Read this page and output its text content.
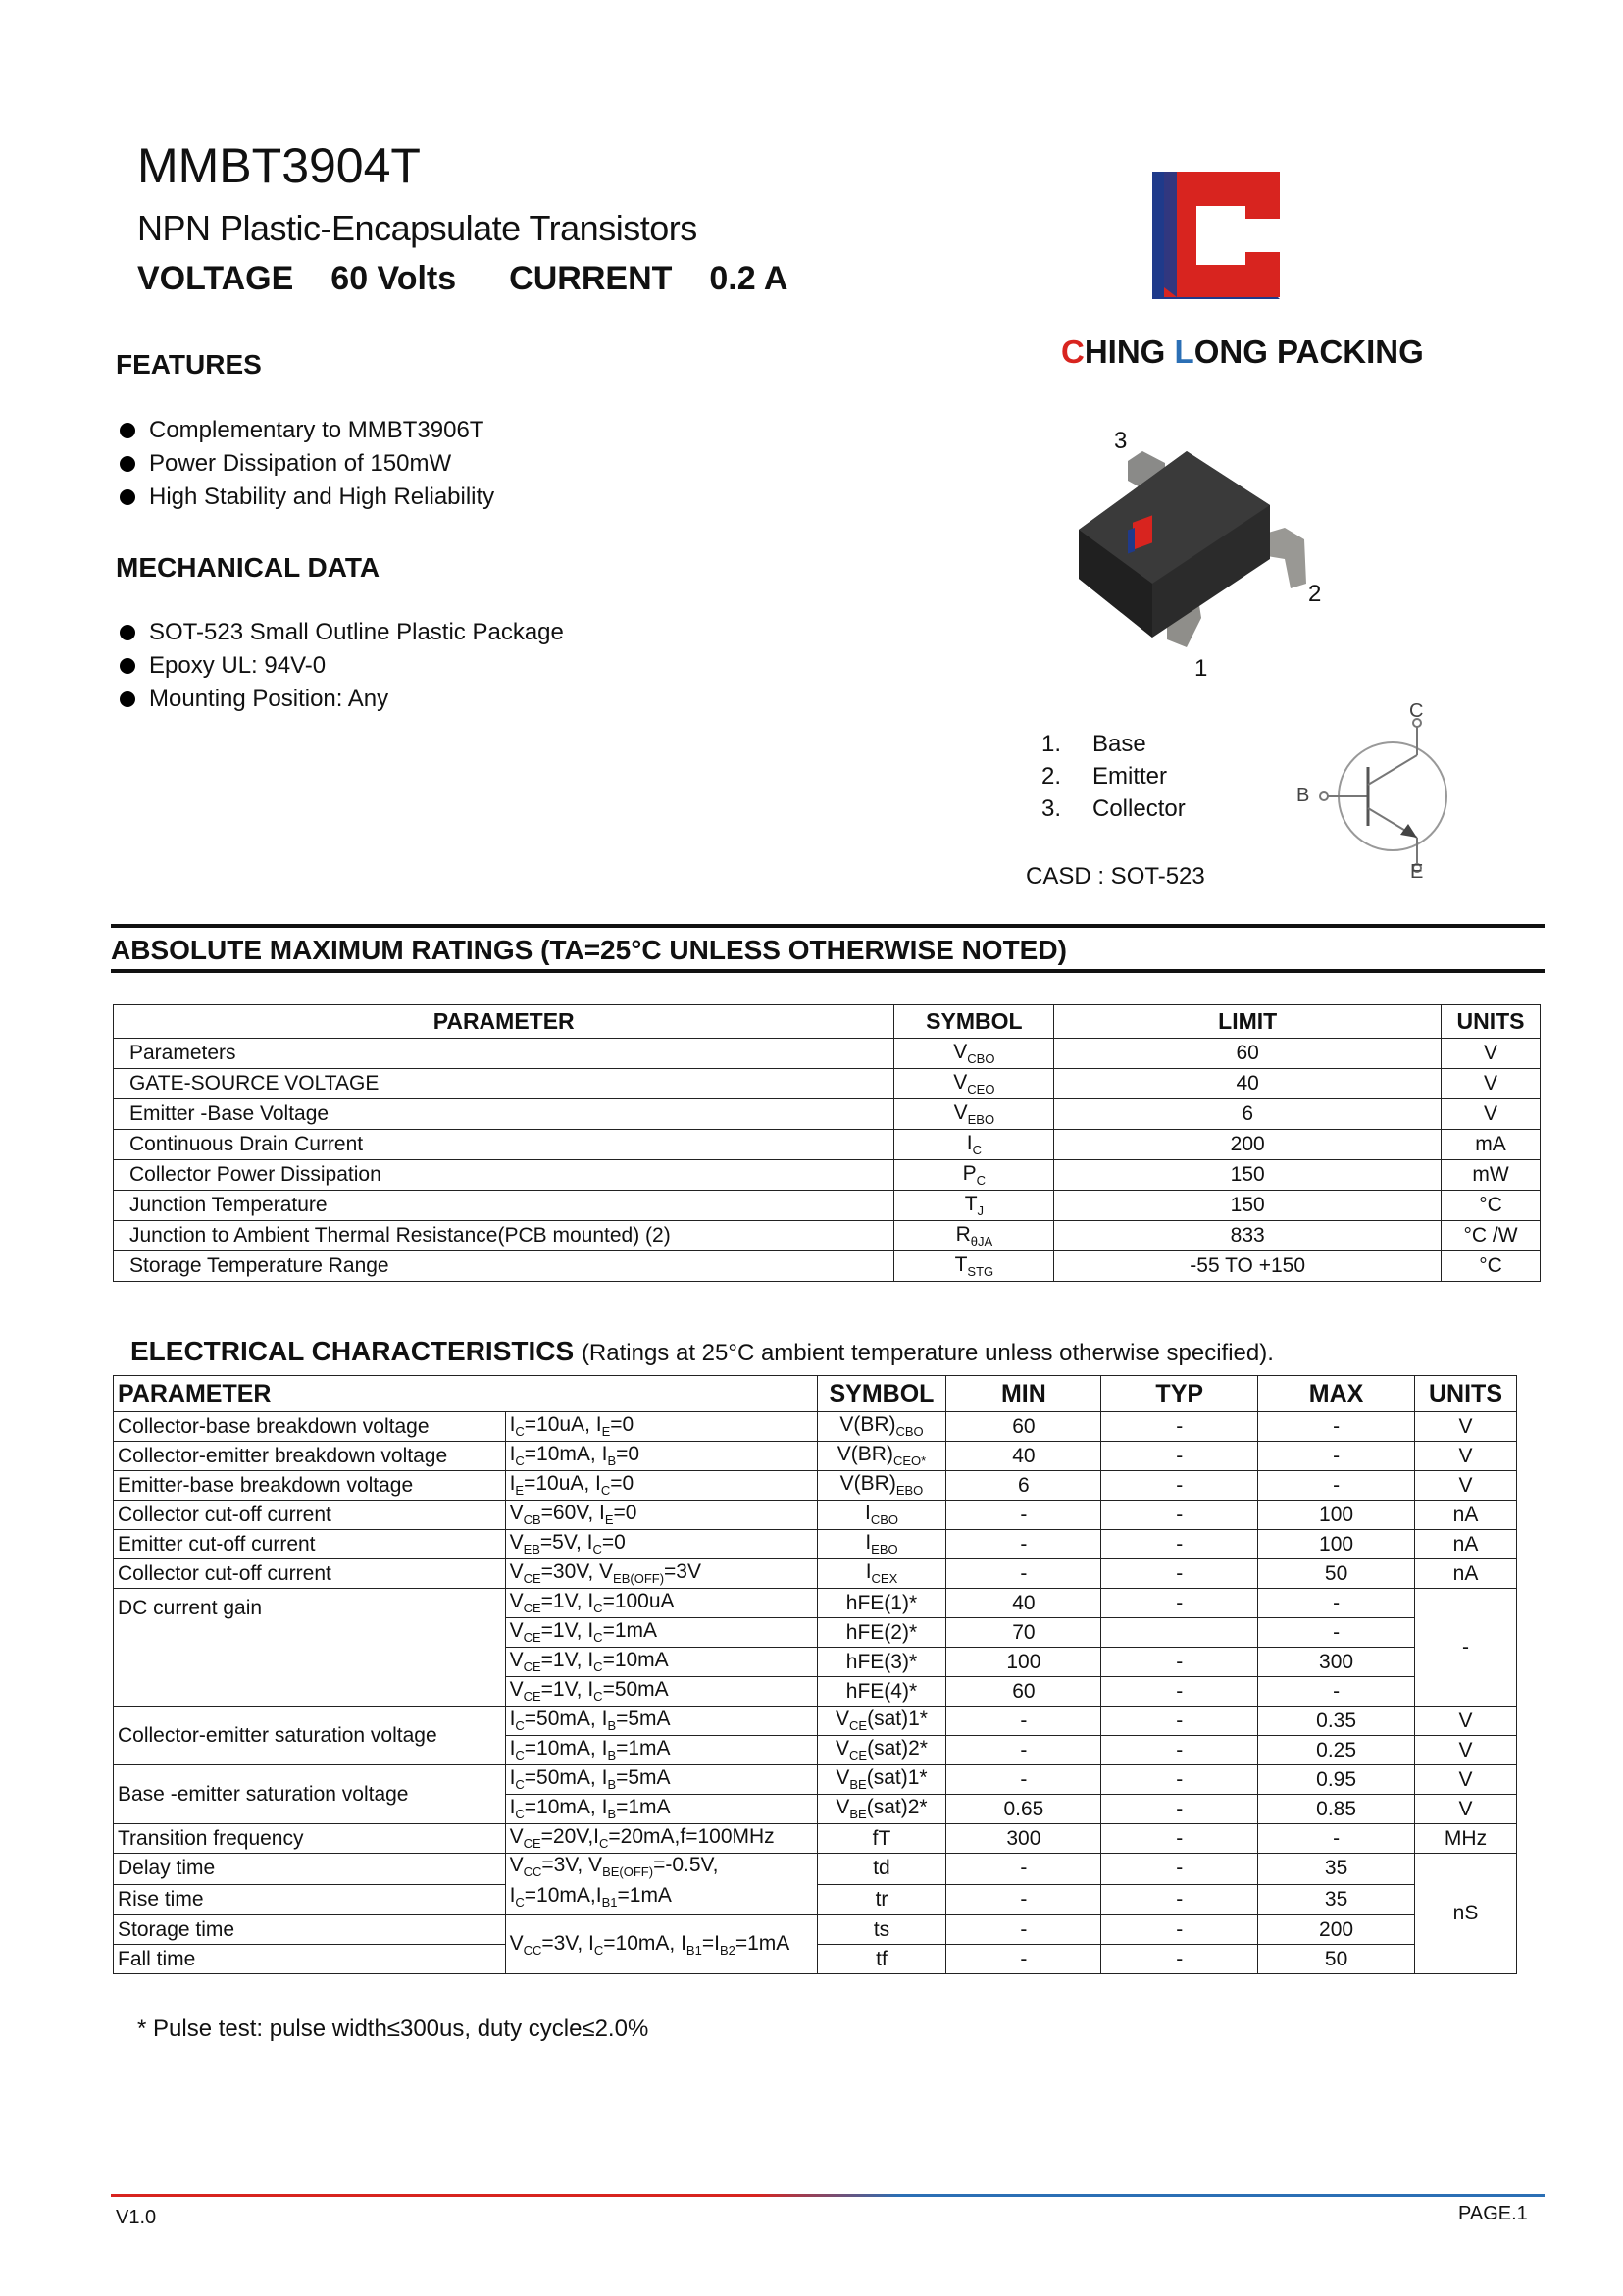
MMBT3904T
NPN Plastic-Encapsulate Transistors
VOLTAGE 60 Volts CURRENT 0.2 A
CHING LONG PACKING
FEATURES
Complementary to MMBT3906T
Power Dissipation of 150mW
High Stability and High Reliability
MECHANICAL DATA
SOT-523 Small Outline Plastic Package
Epoxy UL: 94V-0
Mounting Position: Any
3
2
1
1. Base
2. Emitter
3. Collector
C
B
E
CASD : SOT-523
ABSOLUTE MAXIMUM RATINGS (TA=25°C UNLESS OTHERWISE NOTED)
PARAMETER	SYMBOL	LIMIT	UNITS
Parameters	$V_{CBO}$	60	V
GATE-SOURCE VOLTAGE	$V_{CEO}$	40	V
Emitter -Base Voltage	$V_{EBO}$	6	V
Continuous Drain Current	$I_C$	200	mA
Collector Power Dissipation	$P_C$	150	mW
Junction Temperature	$T_J$	150	°C
Junction to Ambient Thermal Resistance(PCB mounted) (2)	$R_{\theta JA}$	833	°C /W
Storage Temperature Range	$T_{STG}$	-55 TO +150	°C
ELECTRICAL CHARACTERISTICS (Ratings at 25°C ambient temperature unless otherwise specified).
PARAMETER		SYMBOL	MIN	TYP	MAX	UNITS
Collector-base breakdown voltage	$I_C=10uA$, $I_E=0$	$V(BR)_{CBO}$	60	-	-	V
Collector-emitter breakdown voltage	$I_C=10mA$, $I_B=0$	$V(BR)_{CEO*}$	40	-	-	V
Emitter-base breakdown voltage	$I_E=10uA$, $I_C=0$	$V(BR)_{EBO}$	6	-	-	V
Collector cut-off current	$V_{CB}=60V$, $I_E=0$	$I_{CBO}$	-	-	100	nA
Emitter cut-off current	$V_{EB}=5V$, $I_C=0$	$I_{EBO}$	-	-	100	nA
Collector cut-off current	$V_{CE}=30V$, $V_{EB(OFF)}=3V$	$I_{CEX}$	-	-	50	nA
DC current gain	$V_{CE}=1V$, $I_C=100uA$	hFE(1)*	40	-	-	-
	$V_{CE}=1V$, $I_C=1mA$	hFE(2)*	70		-	
	$V_{CE}=1V$, $I_C=10mA$	hFE(3)*	100	-	300	
	$V_{CE}=1V$, $I_C=50mA$	hFE(4)*	60	-	-	
Collector-emitter saturation voltage	$I_C=50mA$, $I_B=5mA$	$V_{CE}(sat)1*$	-	-	0.35	V
	$I_C=10mA$, $I_B=1mA$	$V_{CE}(sat)2*$	-	-	0.25	V
Base -emitter saturation voltage	$I_C=50mA$, $I_B=5mA$	$V_{BE}(sat)1*$	-	-	0.95	V
	$I_C=10mA$, $I_B=1mA$	$V_{BE}(sat)2*$	0.65	-	0.85	V
Transition frequency	$V_{CE}=20V,I_C=20mA,f=100MHz$	fT	300	-	-	MHz
Delay time	$V_{CC}=3V$, $V_{BE(OFF)}=-0.5V$,
$I_C=10mA,I_{B1}=1mA$	td	-	-	35	nS
Rise time		tr	-	-	35	
Storage time	$V_{CC}=3V$, $I_C=10mA$, $I_{B1}=I_{B2}=1mA$	ts	-	-	200	
Fall time		tf	-	-	50	
* Pulse test: pulse width≤300us, duty cycle≤2.0%
V1.0	PAGE.1
